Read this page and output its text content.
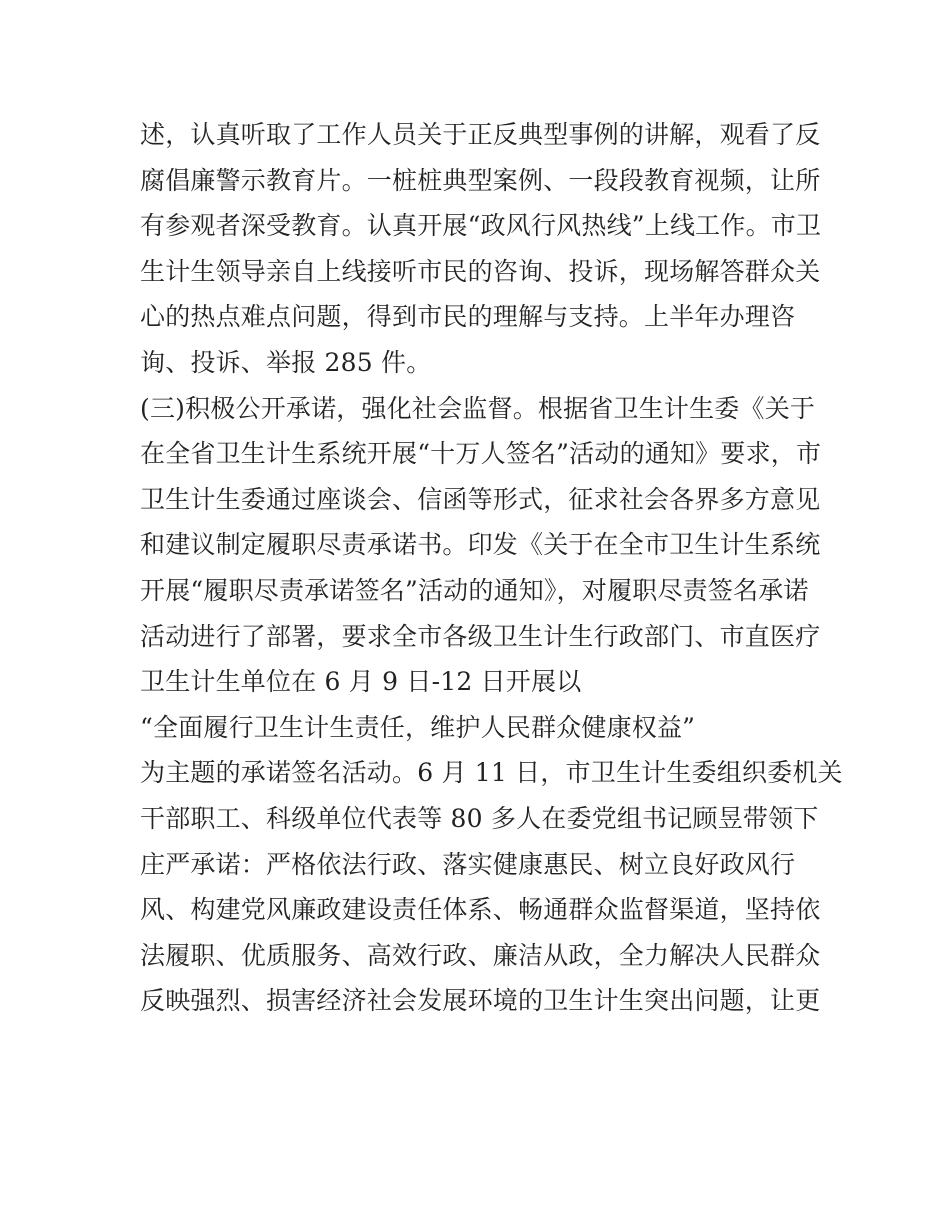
述，认真听取了工作人员关于正反典型事例的讲解，观看了反
腐倡廉警示教育片。一桩桩典型案例、一段段教育视频，让所
有参观者深受教育。认真开展“政风行风热线”上线工作。市卫
生计生领导亲自上线接听市民的咨询、投诉，现场解答群众关
心的热点难点问题，得到市民的理解与支持。上半年办理咨
询、投诉、举报 285 件。
(三)积极公开承诺，强化社会监督。根据省卫生计生委《关于
在全省卫生计生系统开展“十万人签名”活动的通知》要求，市
卫生计生委通过座谈会、信函等形式，征求社会各界多方意见
和建议制定履职尽责承诺书。印发《关于在全市卫生计生系统
开展“履职尽责承诺签名”活动的通知》，对履职尽责签名承诺
活动进行了部署，要求全市各级卫生计生行政部门、市直医疗
卫生计生单位在 6 月 9 日-12 日开展以
“全面履行卫生计生责任，维护人民群众健康权益”
为主题的承诺签名活动。6 月 11 日，市卫生计生委组织委机关
干部职工、科级单位代表等 80 多人在委党组书记顾昱带领下
庄严承诺：严格依法行政、落实健康惠民、树立良好政风行
风、构建党风廉政建设责任体系、畅通群众监督渠道，坚持依
法履职、优质服务、高效行政、廉洁从政，全力解决人民群众
反映强烈、损害经济社会发展环境的卫生计生突出问题，让更
